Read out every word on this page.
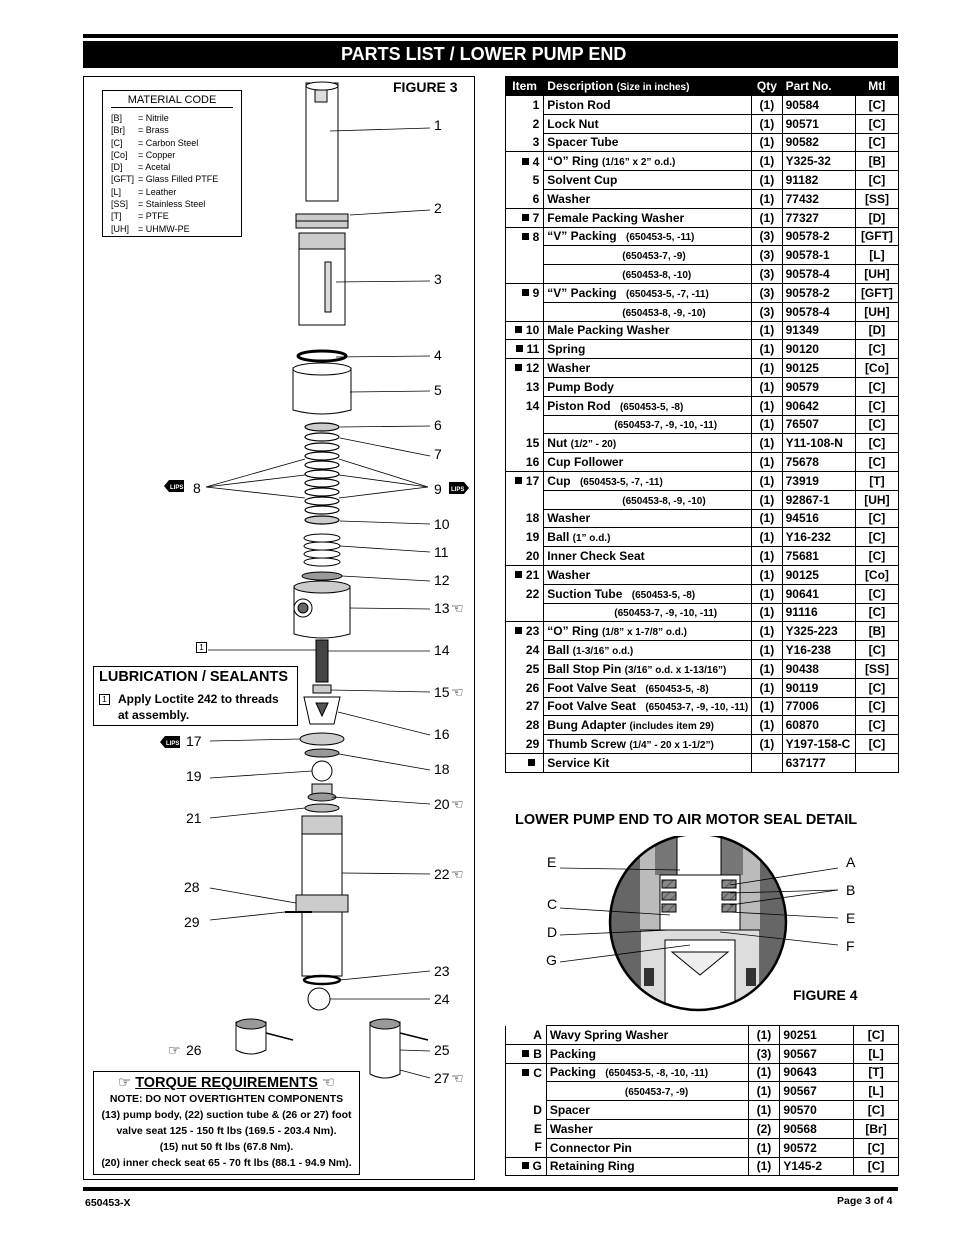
PARTS LIST / LOWER PUMP END
FIGURE 3
MATERIAL CODE
[B]	= Nitrile
[Br]	= Brass
[C]	= Carbon Steel
[Co]	= Copper
[D]	= Acetal
[GFT]	= Glass Filled PTFE
[L]	= Leather
[SS]	= Stainless Steel
[T]	= PTFE
[UH]	= UHMW-PE
1
2
3
4
5
6
7
8	9
10
11
12
13
14
15
16
17
18
19
20
21
22
23
24
25
26
27
28
29
☜
☜
☜
☜
☜
☞
LIPS	LIPS
LIPS
1
LUBRICATION / SEALANTS
1 Apply Loctite 242 to threads
at assembly.
☞ TORQUE REQUIREMENTS ☜
NOTE: DO NOT OVERTIGHTEN COMPONENTS
(13) pump body, (22) suction tube & (26 or 27) foot
valve seat 125 - 150 ft lbs (169.5 - 203.4 Nm).
(15) nut 50 ft lbs (67.8 Nm).
(20) inner check seat 65 - 70 ft lbs (88.1 - 94.9 Nm).
Item	Description (Size in inches)	Qty	Part No.	Mtl
1	Piston Rod	(1)	90584	[C]
2	Lock Nut	(1)	90571	[C]
3	Spacer Tube	(1)	90582	[C]
4	“O” Ring (1/16” x 2” o.d.)	(1)	Y325-32	[B]
5	Solvent Cup	(1)	91182	[C]
6	Washer	(1)	77432	[SS]
7	Female Packing Washer	(1)	77327	[D]
8	“V” Packing (650453-5, -11)	(3)	90578-2	[GFT]
	(650453-7, -9)	(3)	90578-1	[L]
	(650453-8, -10)	(3)	90578-4	[UH]
9	“V” Packing (650453-5, -7, -11)	(3)	90578-2	[GFT]
	(650453-8, -9, -10)	(3)	90578-4	[UH]
10	Male Packing Washer	(1)	91349	[D]
11	Spring	(1)	90120	[C]
12	Washer	(1)	90125	[Co]
13	Pump Body	(1)	90579	[C]
14	Piston Rod (650453-5, -8)	(1)	90642	[C]
	(650453-7, -9, -10, -11)	(1)	76507	[C]
15	Nut (1/2” - 20)	(1)	Y11-108-N	[C]
16	Cup Follower	(1)	75678	[C]
17	Cup (650453-5, -7, -11)	(1)	73919	[T]
	(650453-8, -9, -10)	(1)	92867-1	[UH]
18	Washer	(1)	94516	[C]
19	Ball (1” o.d.)	(1)	Y16-232	[C]
20	Inner Check Seat	(1)	75681	[C]
21	Washer	(1)	90125	[Co]
22	Suction Tube (650453-5, -8)	(1)	90641	[C]
	(650453-7, -9, -10, -11)	(1)	91116	[C]
23	“O” Ring (1/8” x 1-7/8” o.d.)	(1)	Y325-223	[B]
24	Ball (1-3/16” o.d.)	(1)	Y16-238	[C]
25	Ball Stop Pin (3/16” o.d. x 1-13/16”)	(1)	90438	[SS]
26	Foot Valve Seat (650453-5, -8)	(1)	90119	[C]
27	Foot Valve Seat (650453-7, -9, -10, -11)	(1)	77006	[C]
28	Bung Adapter (includes item 29)	(1)	60870	[C]
29	Thumb Screw (1/4” - 20 x 1-1/2”)	(1)	Y197-158-C	[C]
	Service Kit		637177	
LOWER PUMP END TO AIR MOTOR SEAL DETAIL
E
C
D
G
A
B
E
F
FIGURE 4
A	Wavy Spring Washer	(1)	90251	[C]
B	Packing	(3)	90567	[L]
C	Packing (650453-5, -8, -10, -11)	(1)	90643	[T]
	(650453-7, -9)	(1)	90567	[L]
D	Spacer	(1)	90570	[C]
E	Washer	(2)	90568	[Br]
F	Connector Pin	(1)	90572	[C]
G	Retaining Ring	(1)	Y145-2	[C]
650453-X	Page 3 of 4
